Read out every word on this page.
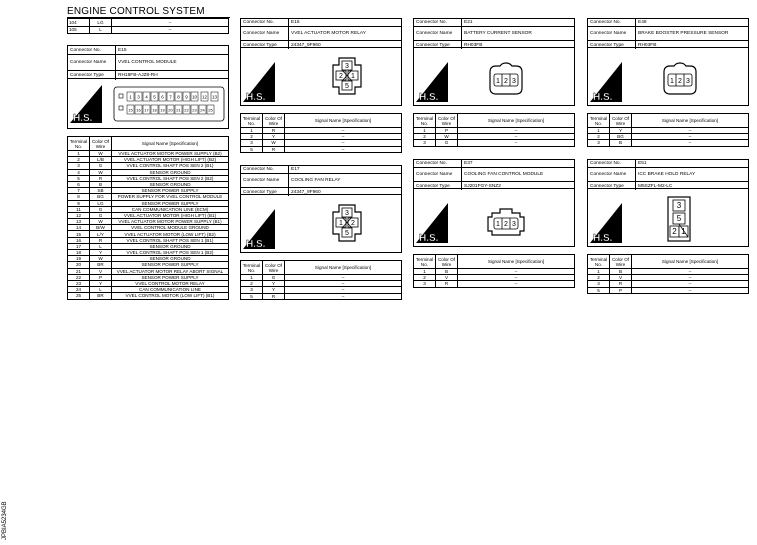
ENGINE CONTROL SYSTEM
104	LG	–
105	L	–
Connector No.	E15
Connector Name	VVEL CONTROL MODULE
Connector Type	RH18FB-AJZ8-RH
H.S.
1 3 4 5 6 7 8 9 10 12 13
15 16 17 18 19 20 21 22 23 24 25
Terminal
No.	Color Of
Wire	Signal Name [Specification]
1	W	VVEL ACTUATOR MOTOR POWER SUPPLY (B2)
2	L/B	VVEL ACTUATOR MOTOR (HIGH LIFT) (B2)
3	G	VVEL CONTROL SHAFT POS SEN 2 (B1)
4	W	SENSOR GROUND
5	R	VVEL CONTROL SHAFT POS SEN 2 (B2)
6	B	SENSOR GROUND
7	SB	SENSOR POWER SUPPLY
8	BG	POWER SUPPLY FOR VVEL CONTROL MODULE
9	LG	SENSOR POWER SUPPLY
11	G	CAN COMMUNICATION LINE (ECM)
12	G	VVEL ACTUATOR MOTOR (HIGH LIFT) (B1)
13	W	VVEL ACTUATOR MOTOR POWER SUPPLY (B1)
14	B/W	VVEL CONTROL MODULE GROUND
15	L/Y	VVEL ACTUATOR MOTOR (LOW LIFT) (B2)
16	R	VVEL CONTROL SHAFT POS SEN 1 (B1)
17	L	SENSOR GROUND
18	Y	VVEL CONTROL SHAFT POS SEN 1 (B2)
19	W	SENSOR GROUND
20	BR	SENSOR POWER SUPPLY
21	V	VVEL ACTUATOR MOTOR RELAY ABORT SIGNAL
22	P	SENSOR POWER SUPPLY
23	Y	VVEL CONTROL MOTOR RELAY
24	L	CAN COMMUNICATION LINE
25	BR	VVEL CONTROL MOTOR (LOW LIFT) (B1)
Connector No.	E16
Connector Name	VVEL ACTUATOR MOTOR RELAY
Connector Type	24347_9F960
H.S.
3
2 1
5
Terminal
No.	Color Of
Wire	Signal Name [Specification]
1	R	–
2	Y	–
3	W	–
5	R	–
Connector No.	E21
Connector Name	BATTERY CURRENT SENSOR
Connector Type	RH03FB
H.S.
1 2 3
Terminal
No.	Color Of
Wire	Signal Name [Specification]
1	P	–
2	W	–
3	G	–
Connector No.	E48
Connector Name	BRAKE BOOSTER PRESSURE SENSOR
Connector Type	RH03FB
H.S.
1 2 3
Terminal
No.	Color Of
Wire	Signal Name [Specification]
1	Y	–
2	BG	–
3	B	–
Connector No.	E17
Connector Name	COOLING FAN RELAY
Connector Type	24347_9F960
H.S.
3
1 2
5
Terminal
No.	Color Of
Wire	Signal Name [Specification]
1	G	–
2	Y	–
3	Y	–
5	R	–
Connector No.	E37
Connector Name	COOLING FAN CONTROL MODULE
Connector Type	SJ201FGY-SNZ2
H.S.
1 2 3
Terminal
No.	Color Of
Wire	Signal Name [Specification]
1	B	–
2	V	–
3	R	–
Connector No.	E51
Connector Name	ICC BRAKE HOLD RELAY
Connector Type	M5SZFL-M2-LC
H.S.
3
5
2 1
Terminal
No.	Color Of
Wire	Signal Name [Specification]
1	B	–
2	V	–
3	R	–
5	P	–
JPBIA5234GB
